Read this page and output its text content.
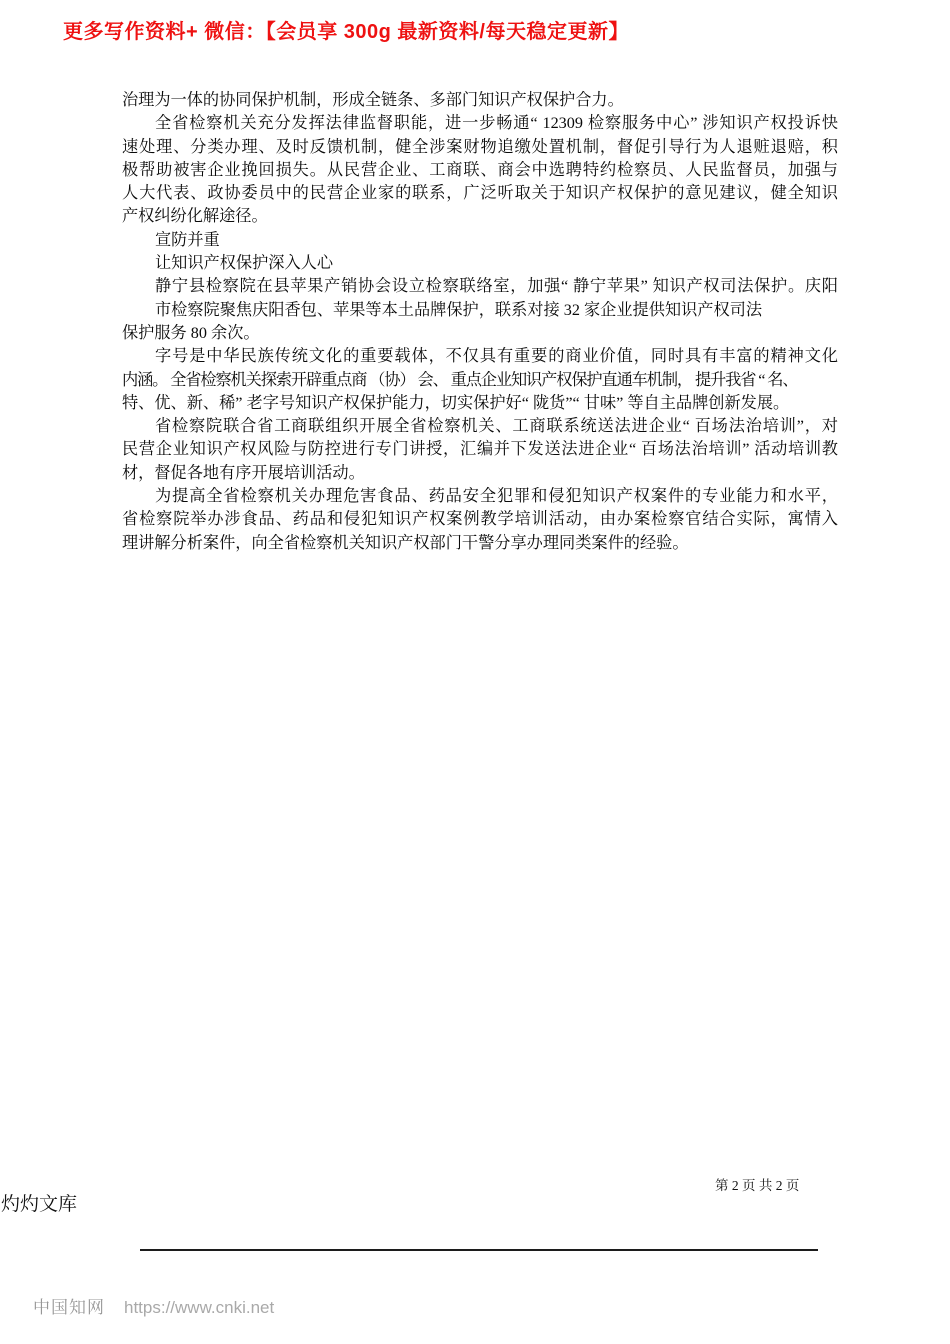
更多写作资料+ 微信：【会员享 300g 最新资料/每天稳定更新】
治理为一体的协同保护机制，形成全链条、多部门知识产权保护合力。
全省检察机关充分发挥法律监督职能，进一步畅通“ 12309 检察服务中心” 涉知识产权投诉快
速处理、分类办理、及时反馈机制，健全涉案财物追缴处置机制，督促引导行为人退赃退赔，积
极帮助被害企业挽回损失。从民营企业、工商联、商会中选聘特约检察员、人民监督员，加强与
人大代表、政协委员中的民营企业家的联系，广泛听取关于知识产权保护的意见建议，健全知识
产权纠纷化解途径。
宣防并重
让知识产权保护深入人心
静宁县检察院在县苹果产销协会设立检察联络室，加强“ 静宁苹果” 知识产权司法保护。庆阳
市检察院聚焦庆阳香包、苹果等本土品牌保护，联系对接 32 家企业提供知识产权司法
保护服务 80 余次。
字号是中华民族传统文化的重要载体，不仅具有重要的商业价值，同时具有丰富的精神文化
内涵。 全省检察机关探索开辟重点商 （协） 会、 重点企业知识产权保护直通车机制， 提升我省 “ 名、
特、优、新、稀” 老字号知识产权保护能力，切实保护好“ 陇货”“ 甘味” 等自主品牌创新发展。
省检察院联合省工商联组织开展全省检察机关、工商联系统送法进企业“ 百场法治培训”，对
民营企业知识产权风险与防控进行专门讲授，汇编并下发送法进企业“ 百场法治培训” 活动培训教
材，督促各地有序开展培训活动。
为提高全省检察机关办理危害食品、药品安全犯罪和侵犯知识产权案件的专业能力和水平，
省检察院举办涉食品、药品和侵犯知识产权案例教学培训活动，由办案检察官结合实际，寓情入
理讲解分析案件，向全省检察机关知识产权部门干警分享办理同类案件的经验。
第 2 页 共 2 页
灼灼文库
中国知网 https://www.cnki.net
